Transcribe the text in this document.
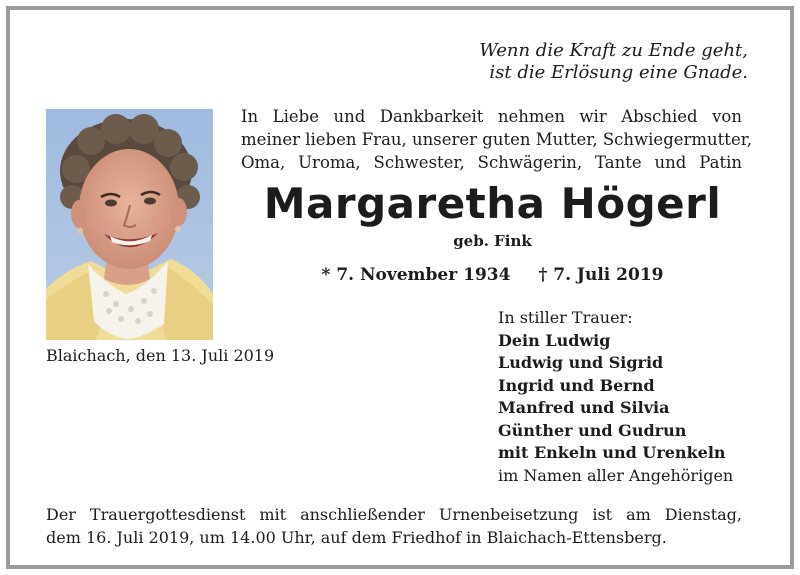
Wenn die Kraft zu Ende geht,
ist die Erlösung eine Gnade.
In Liebe und Dankbarkeit nehmen wir Abschied von
meiner lieben Frau, unserer guten Mutter, Schwiegermutter,
Oma, Uroma, Schwester, Schwägerin, Tante und Patin
Margaretha Högerl
geb. Fink
* 7. November 1934 † 7. Juli 2019
Blaichach, den 13. Juli 2019
In stiller Trauer:
Dein Ludwig
Ludwig und Sigrid
Ingrid und Bernd
Manfred und Silvia
Günther und Gudrun
mit Enkeln und Urenkeln
im Namen aller Angehörigen
Der Trauergottesdienst mit anschließender Urnenbeisetzung ist am Dienstag,
dem 16. Juli 2019, um 14.00 Uhr, auf dem Friedhof in Blaichach-Ettensberg.
